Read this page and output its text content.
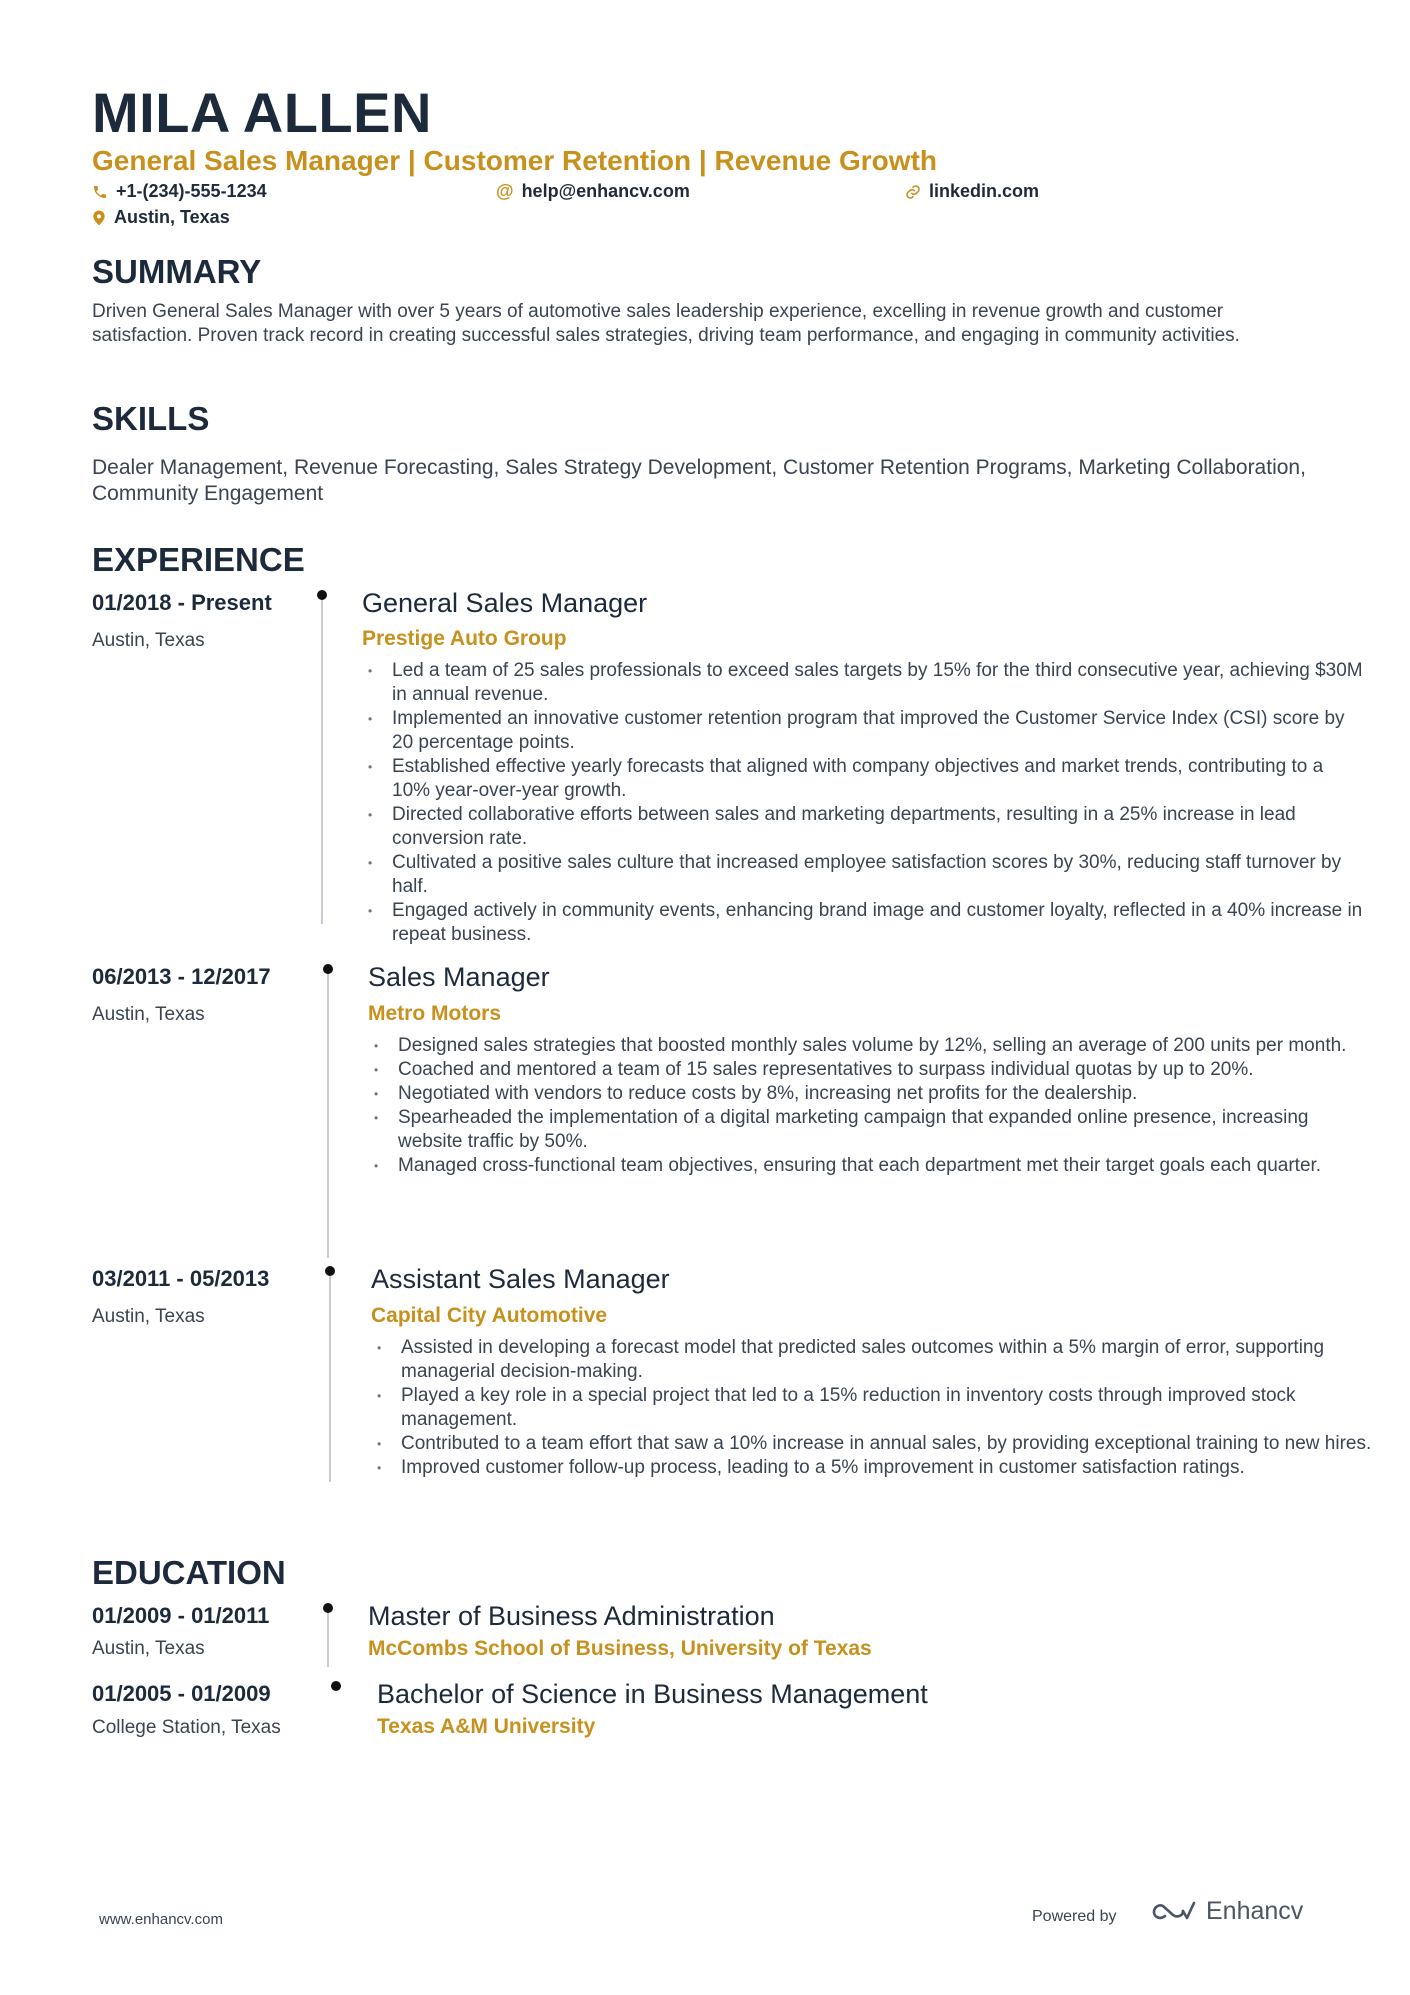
MILA ALLEN

General Sales Manager | Customer Retention | Revenue Growth

+1-(234)-555-1234	@ help@enhancv.com	linkedin.com
Austin, Texas
SUMMARY

Driven General Sales Manager with over 5 years of automotive sales leadership experience, excelling in revenue growth and customer satisfaction. Proven track record in creating successful sales strategies, driving team performance, and engaging in community activities.

SKILLS

Dealer Management, Revenue Forecasting, Sales Strategy Development, Customer Retention Programs, Marketing Collaboration, Community Engagement

EXPERIENCE
01/2018 - Present
Austin, Texas
General Sales Manager
Prestige Auto Group
• Led a team of 25 sales professionals to exceed sales targets by 15% for the third consecutive year, achieving $30M in annual revenue.
• Implemented an innovative customer retention program that improved the Customer Service Index (CSI) score by 20 percentage points.
• Established effective yearly forecasts that aligned with company objectives and market trends, contributing to a 10% year-over-year growth.
• Directed collaborative efforts between sales and marketing departments, resulting in a 25% increase in lead conversion rate.
• Cultivated a positive sales culture that increased employee satisfaction scores by 30%, reducing staff turnover by half.
• Engaged actively in community events, enhancing brand image and customer loyalty, reflected in a 40% increase in repeat business.
06/2013 - 12/2017
Austin, Texas
Sales Manager
Metro Motors
• Designed sales strategies that boosted monthly sales volume by 12%, selling an average of 200 units per month.
• Coached and mentored a team of 15 sales representatives to surpass individual quotas by up to 20%.
• Negotiated with vendors to reduce costs by 8%, increasing net profits for the dealership.
• Spearheaded the implementation of a digital marketing campaign that expanded online presence, increasing website traffic by 50%.
• Managed cross-functional team objectives, ensuring that each department met their target goals each quarter.
03/2011 - 05/2013
Austin, Texas
Assistant Sales Manager
Capital City Automotive
• Assisted in developing a forecast model that predicted sales outcomes within a 5% margin of error, supporting managerial decision-making.
• Played a key role in a special project that led to a 15% reduction in inventory costs through improved stock management.
• Contributed to a team effort that saw a 10% increase in annual sales, by providing exceptional training to new hires.
• Improved customer follow-up process, leading to a 5% improvement in customer satisfaction ratings.
EDUCATION
01/2009 - 01/2011
Austin, Texas
Master of Business Administration
McCombs School of Business, University of Texas
01/2005 - 01/2009
College Station, Texas
Bachelor of Science in Business Management
Texas A&M University
www.enhancv.com	Powered by	Enhancv
